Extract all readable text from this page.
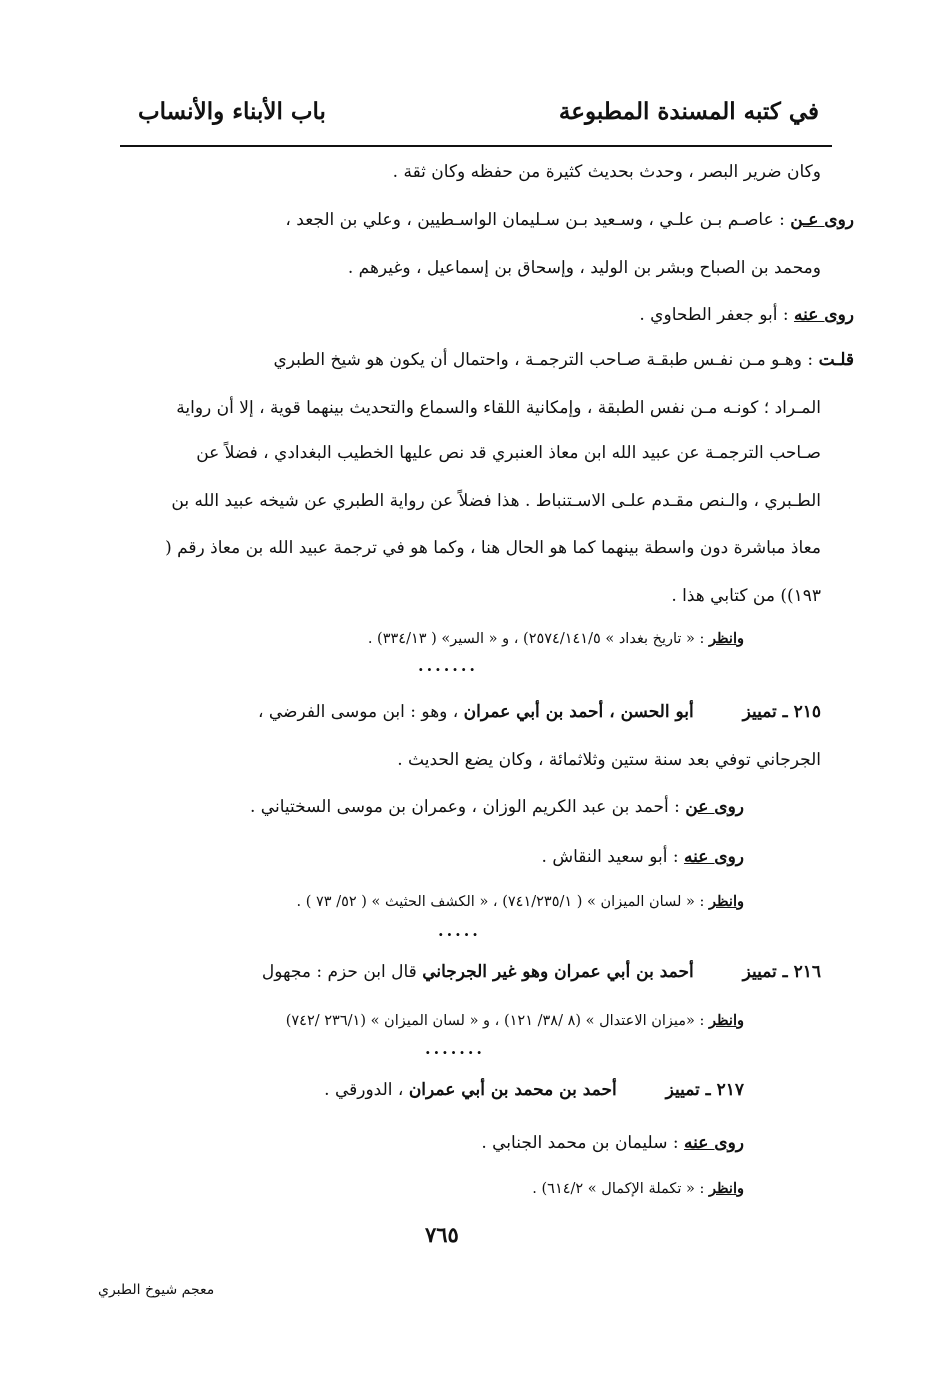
في كتبه المسندة المطبوعة
باب الأبناء والأنساب
وكان ضرير البصر ، وحدث بحديث كثيرة من حفظه وكان ثقة .
روى عـن : عاصـم بـن علـي ، وسـعيد بـن سـليمان الواسـطيين ، وعلي بن الجعد ،
ومحمد بن الصباح وبشر بن الوليد ، وإسحاق بن إسماعيل ، وغيرهم .
روى عنه : أبو جعفر الطحاوي .
قلـت : وهـو مـن نفـس طبقـة صـاحب الترجمـة ، واحتمال أن يكون هو شيخ الطبري
المـراد ؛ كونـه مـن نفس الطبقة ، وإمكانية اللقاء والسماع والتحديث بينهما قوية ، إلا أن رواية
صـاحب الترجمـة عن عبيد الله ابن معاذ العنبري قد نص عليها الخطيب البغدادي ، فضلاً عن
الطـبري ، والـنص مقـدم علـى الاسـتنباط . هذا فضلاً عن رواية الطبري عن شيخه عبيد الله بن
معاذ مباشرة دون واسطة بينهما كما هو الحال هنا ، وكما هو في ترجمة عبيد الله بن معاذ رقم (
١٩٣)) من كتابي هذا .
وانظر : « تاريخ بغداد » ٢٥٧٤/١٤١/٥) ، و « السير» ( ٣٣٤/١٣) .
·······
٢١٥ ـ تمييز  أبو الحسن ، أحمد بن أبي عمران ، وهو : ابن موسى الفرضي ،
الجرجاني توفي بعد سنة ستين وثلاثمائة ، وكان يضع الحديث .
روى عن : أحمد بن عبد الكريم الوزان ، وعمران بن موسى السختياني .
روى عنه : أبو سعيد النقاش .
وانظر : « لسان الميزان » ( ٧٤١/٢٣٥/١) ، « الكشف الحثيث » ( ٥٢/ ٧٣ ) .
·····
٢١٦ ـ تمييز  أحمد بن أبي عمران وهو غير الجرجاني قال ابن حزم : مجهول
وانظر : «ميزان الاعتدال » (٨ /٣٨/ ١٢١) ، و « لسان الميزان » (٢٣٦/١ /٧٤٢)
·······
٢١٧ ـ تمييز  أحمد بن محمد بن أبي عمران ، الدورقي .
روى عنه : سليمان بن محمد الجنابي .
وانظر : « تكملة الإكمال » ٦١٤/٢) .
٧٦٥
معجم شيوخ الطبري
